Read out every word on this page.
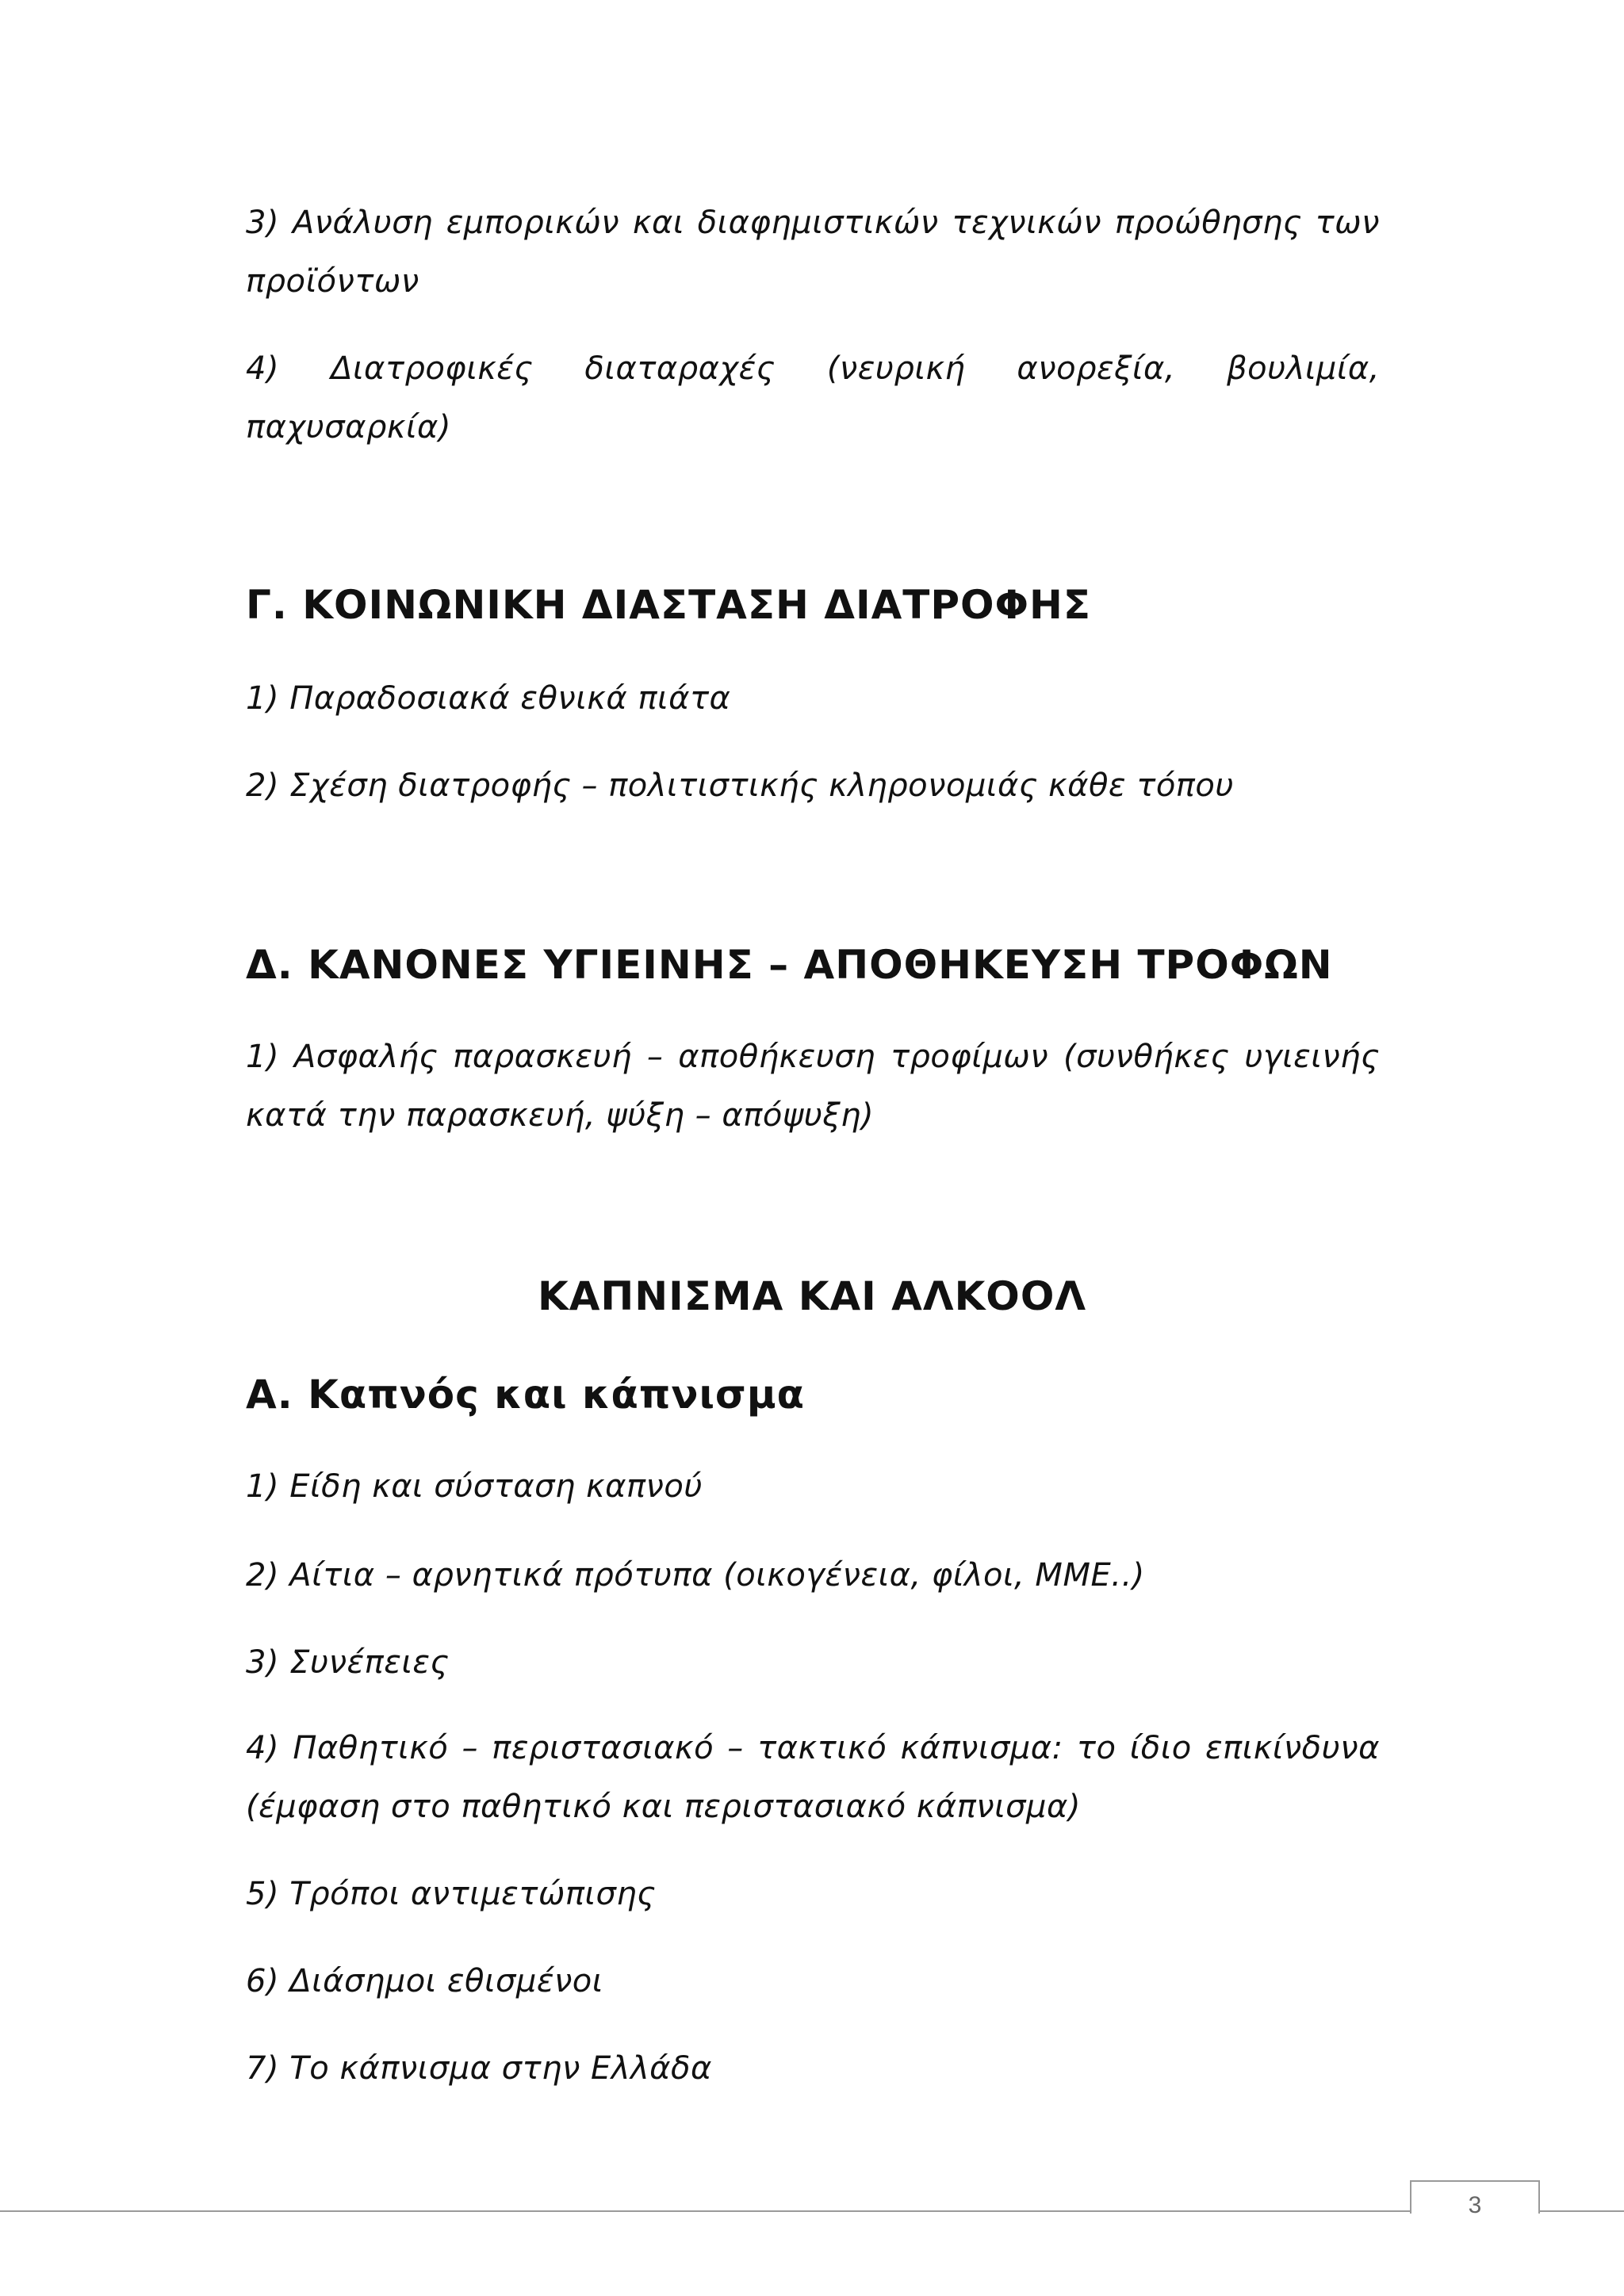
3) Ανάλυση εμπορικών και διαφημιστικών τεχνικών προώθησης των προϊόντων

4) Διατροφικές διαταραχές (νευρική ανορεξία, βουλιμία, παχυσαρκία)

Γ. ΚΟΙΝΩΝΙΚΗ ΔΙΑΣΤΑΣΗ ΔΙΑΤΡΟΦΗΣ

1) Παραδοσιακά εθνικά πιάτα

2) Σχέση διατροφής – πολιτιστικής κληρονομιάς κάθε τόπου

Δ. ΚΑΝΟΝΕΣ ΥΓΙΕΙΝΗΣ – ΑΠΟΘΗΚΕΥΣΗ ΤΡΟΦΩΝ

1) Ασφαλής παρασκευή – αποθήκευση τροφίμων (συνθήκες υγιεινής κατά την παρασκευή, ψύξη – απόψυξη)

ΚΑΠΝΙΣΜΑ ΚΑΙ ΑΛΚΟΟΛ
Α. Καπνός και κάπνισμα

1) Είδη και σύσταση καπνού

2) Αίτια – αρνητικά πρότυπα (οικογένεια, φίλοι, ΜΜΕ..)

3) Συνέπειες

4) Παθητικό – περιστασιακό – τακτικό κάπνισμα: το ίδιο επικίνδυνα (έμφαση στο παθητικό και περιστασιακό κάπνισμα)

5) Τρόποι αντιμετώπισης

6) Διάσημοι εθισμένοι

7) Το κάπνισμα στην Ελλάδα

3
